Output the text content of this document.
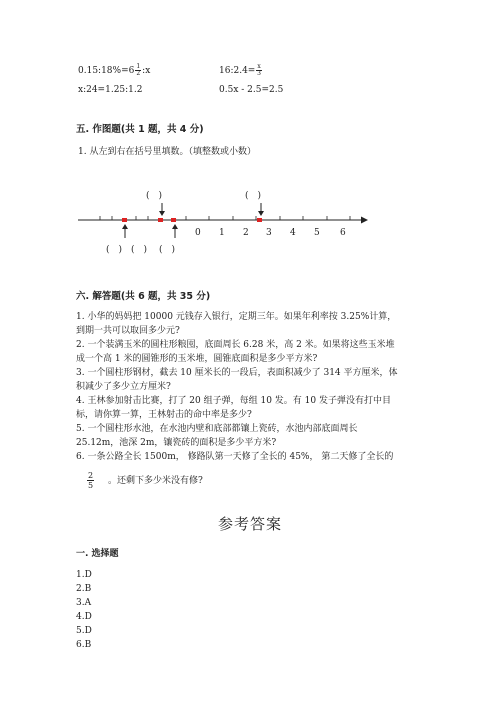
0.15:18%=6 $\frac{1}{2}$ :x	16:2.4= $\frac{x}{3}$
x:24=1.25:1.2	0.5x - 2.5=2.5
五. 作图题(共 1 题，共 4 分)
1. 从左到右在括号里填数。（填整数或小数）
(　)	(　)
(　) (　) (　)
0 1 2 3 4 5 6
六. 解答题(共 6 题，共 35 分)
1. 小华的妈妈把 10000 元钱存入银行，定期三年。如果年利率按 3.25%计算，
到期一共可以取回多少元?
2. 一个装满玉米的圆柱形粮囤，底面周长 6.28 米，高 2 米。如果将这些玉米堆
成一个高 1 米的圆锥形的玉米堆，圆锥底面积是多少平方米?
3. 一个圆柱形钢材，截去 10 厘米长的一段后，表面积减少了 314 平方厘米，体
积减少了多少立方厘米?
4. 王林参加射击比赛，打了 20 组子弹，每组 10 发。有 10 发子弹没有打中目
标，请你算一算，王林射击的命中率是多少?
5. 一个圆柱形水池，在水池内壁和底部都镶上瓷砖，水池内部底面周长
25.12m，池深 2m，镶瓷砖的面积是多少平方米?
6. 一条公路全长 1500m， 修路队第一天修了全长的 45%， 第二天修了全长的
$\frac{2}{5}$ 。还剩下多少米没有修?
参考答案
一. 选择题
1.D
2.B
3.A
4.D
5.D
6.B
